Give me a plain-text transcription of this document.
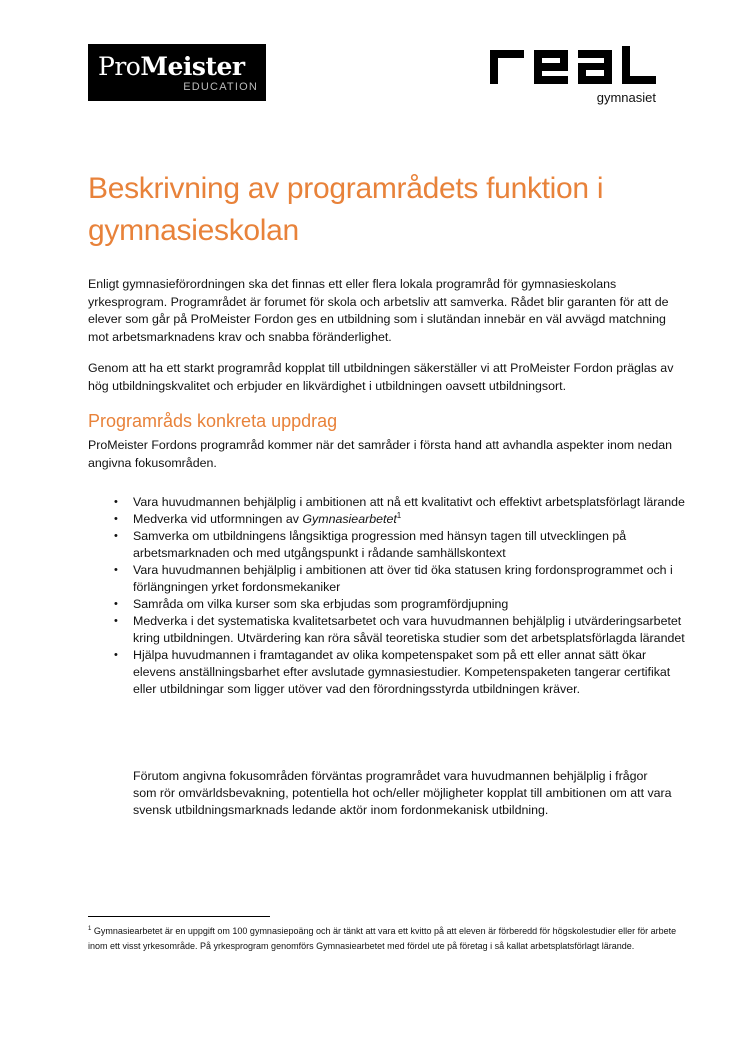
ProMeister
EDUCATION
gymnasiet
Beskrivning av programrådets funktion i gymnasieskolan

Enligt gymnasieförordningen ska det finnas ett eller flera lokala programråd för gymnasieskolans yrkesprogram. Programrådet är forumet för skola och arbetsliv att samverka. Rådet blir garanten för att de elever som går på ProMeister Fordon ges en utbildning som i slutändan innebär en väl avvägd matchning mot arbetsmarknadens krav och snabba föränderlighet.

Genom att ha ett starkt programråd kopplat till utbildningen säkerställer vi att ProMeister Fordon präglas av hög utbildningskvalitet och erbjuder en likvärdighet i utbildningen oavsett utbildningsort.

Programråds konkreta uppdrag

ProMeister Fordons programråd kommer när det samråder i första hand att avhandla aspekter inom nedan angivna fokusområden.

• Vara huvudmannen behjälplig i ambitionen att nå ett kvalitativt och effektivt arbetsplatsförlagt lärande
• Medverka vid utformningen av Gymnasiearbetet$^1$
• Samverka om utbildningens långsiktiga progression med hänsyn tagen till utvecklingen på arbetsmarknaden och med utgångspunkt i rådande samhällskontext
• Vara huvudmannen behjälplig i ambitionen att över tid öka statusen kring fordonsprogrammet och i förlängningen yrket fordonsmekaniker
• Samråda om vilka kurser som ska erbjudas som programfördjupning
• Medverka i det systematiska kvalitetsarbetet och vara huvudmannen behjälplig i utvärderingsarbetet kring utbildningen. Utvärdering kan röra såväl teoretiska studier som det arbetsplatsförlagda lärandet
• Hjälpa huvudmannen i framtagandet av olika kompetenspaket som på ett eller annat sätt ökar elevens anställningsbarhet efter avslutade gymnasiestudier. Kompetenspaketen tangerar certifikat eller utbildningar som ligger utöver vad den förordningsstyrda utbildningen kräver.

Förutom angivna fokusområden förväntas programrådet vara huvudmannen behjälplig i frågor som rör omvärldsbevakning, potentiella hot och/eller möjligheter kopplat till ambitionen om att vara svensk utbildningsmarknads ledande aktör inom fordonmekanisk utbildning.

$^1$ Gymnasiearbetet är en uppgift om 100 gymnasiepoäng och är tänkt att vara ett kvitto på att eleven är förberedd för högskolestudier eller för arbete inom ett visst yrkesområde. På yrkesprogram genomförs Gymnasiearbetet med fördel ute på företag i så kallat arbetsplatsförlagt lärande.
